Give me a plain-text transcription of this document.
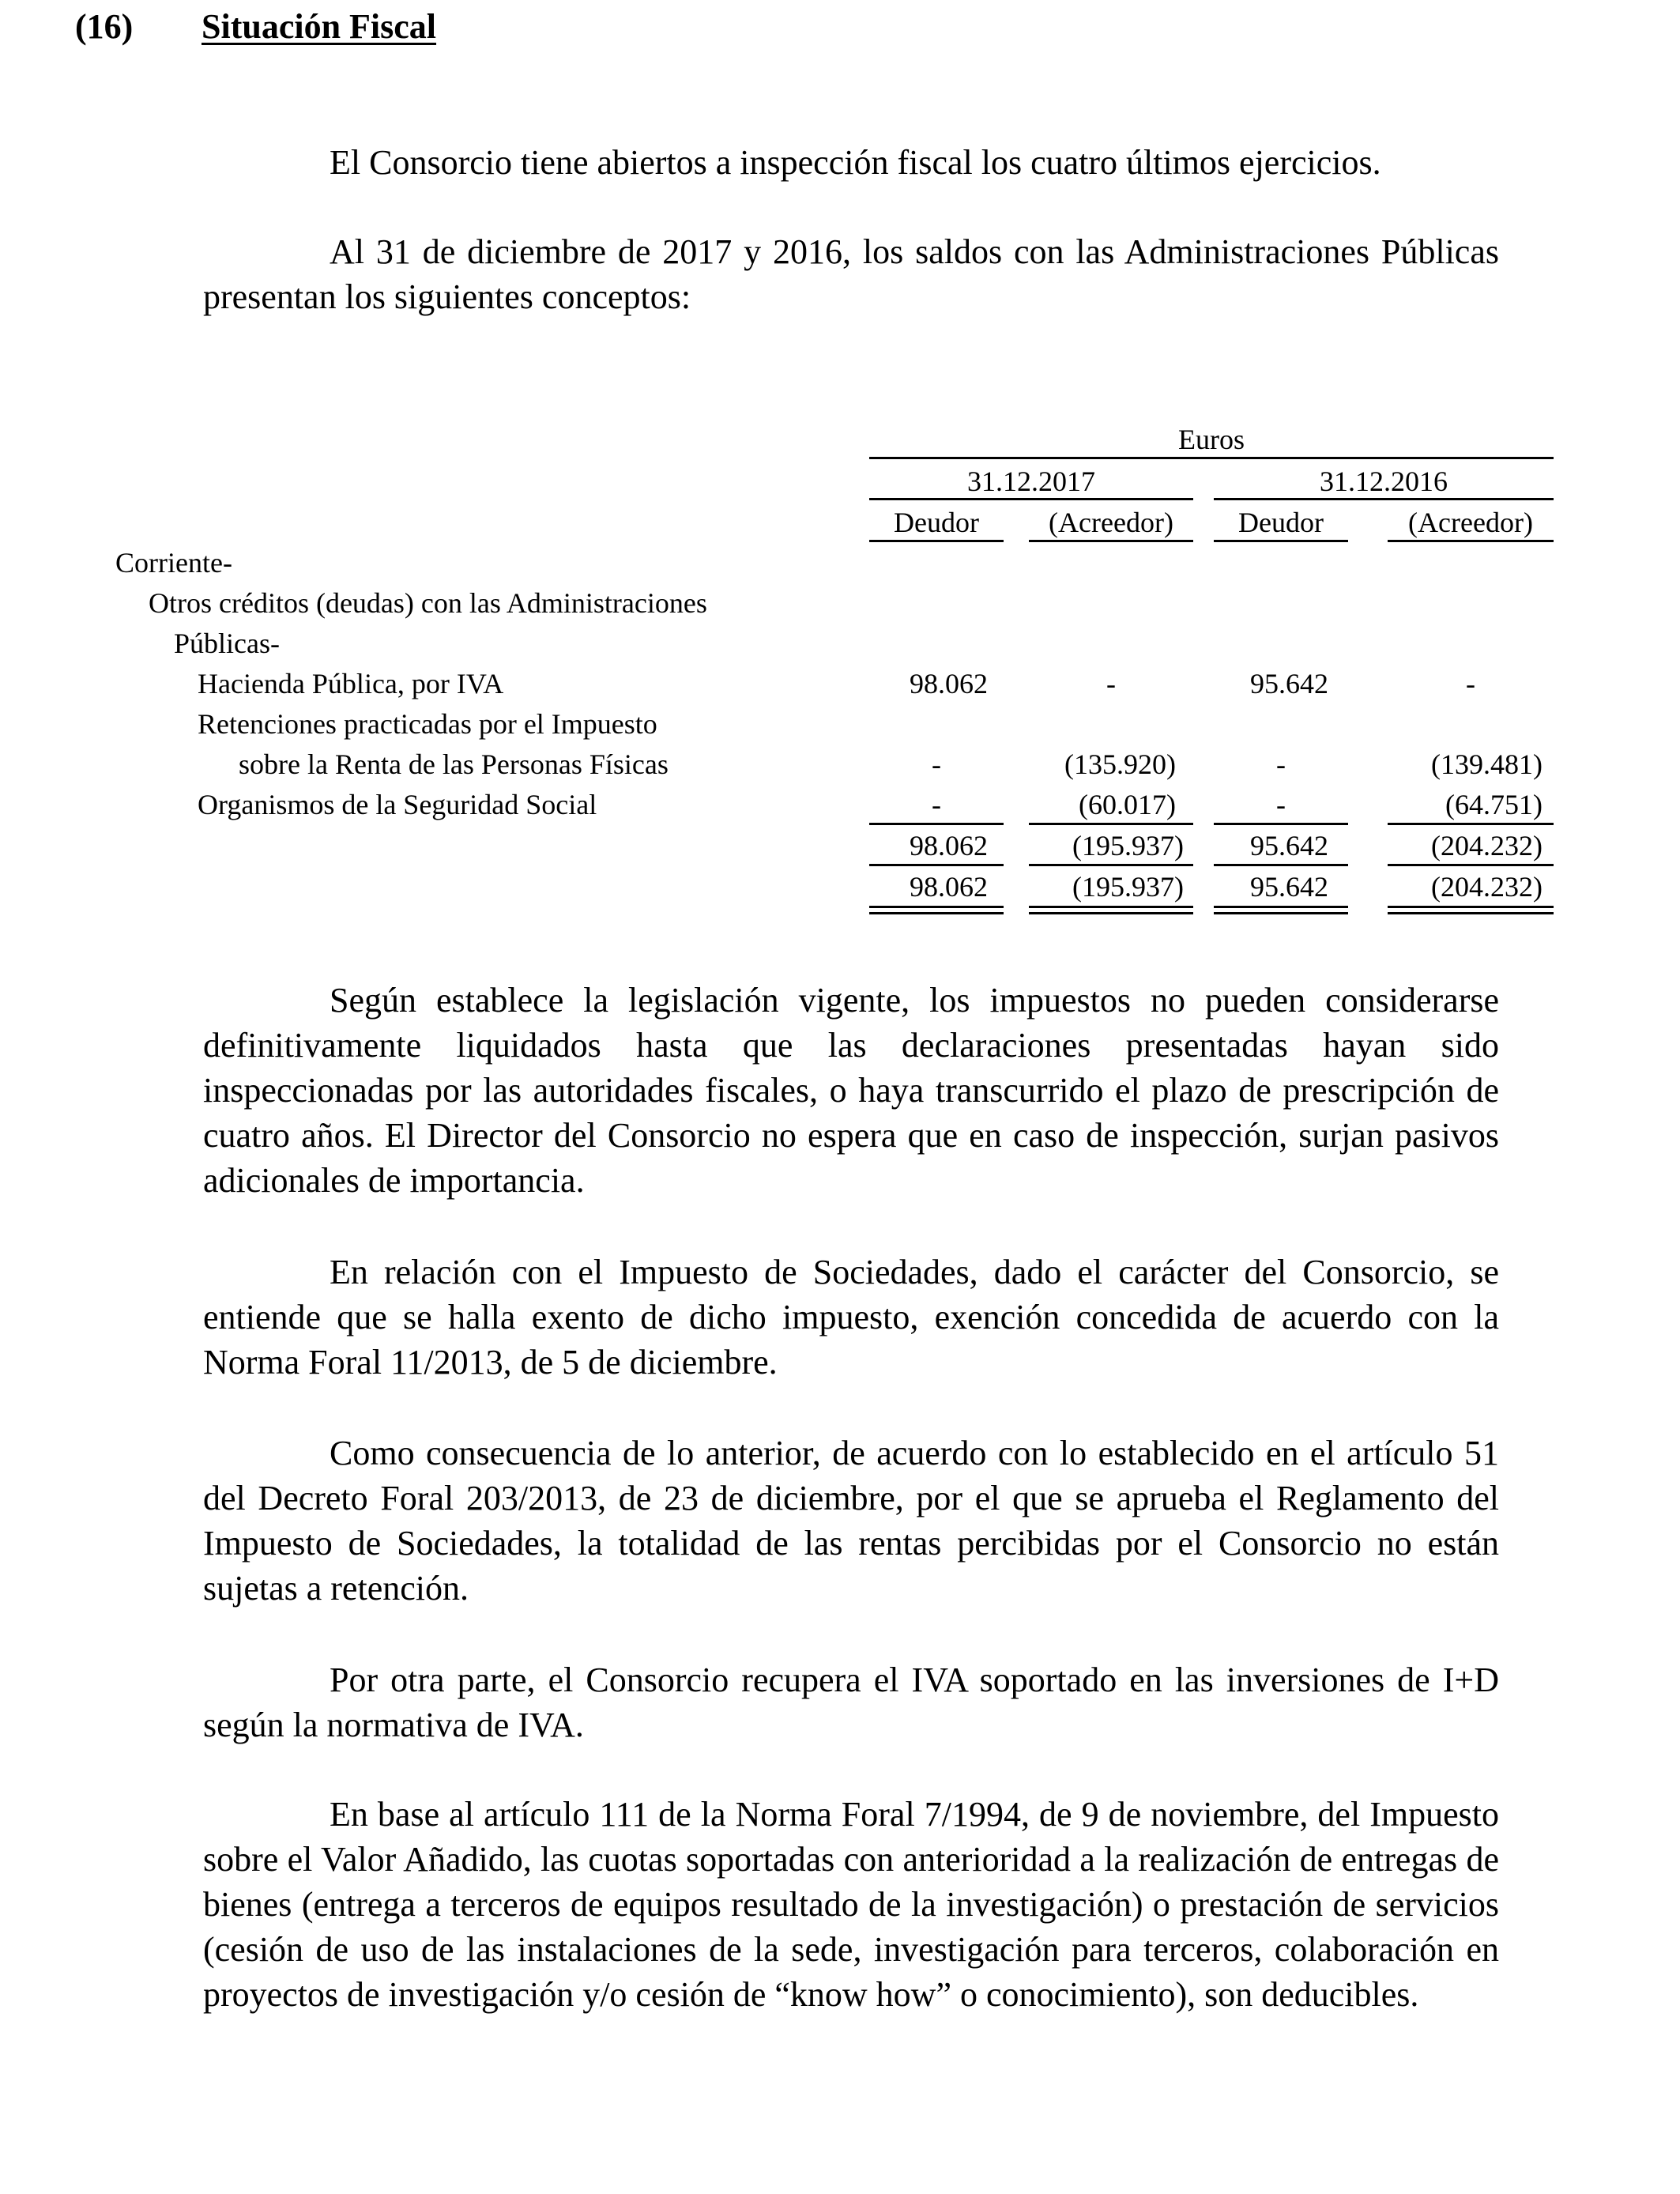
(16) Situación Fiscal

El Consorcio tiene abiertos a inspección fiscal los cuatro últimos ejercicios.

Al 31 de diciembre de 2017 y 2016, los saldos con las Administraciones Públicas presentan los siguientes conceptos:

Euros
31.12.2017	31.12.2016
Deudor	(Acreedor)	Deudor	(Acreedor)
Corriente-
Otros créditos (deudas) con las Administraciones
Públicas-
Hacienda Pública, por IVA	98.062	-	95.642	-
Retenciones practicadas por el Impuesto
sobre la Renta de las Personas Físicas	-	(135.920)	-	(139.481)
Organismos de la Seguridad Social	-	(60.017)	-	(64.751)
98.062	(195.937)	95.642	(204.232)
98.062	(195.937)	95.642	(204.232)

Según establece la legislación vigente, los impuestos no pueden considerarse definitivamente liquidados hasta que las declaraciones presentadas hayan sido inspeccionadas por las autoridades fiscales, o haya transcurrido el plazo de prescripción de cuatro años. El Director del Consorcio no espera que en caso de inspección, surjan pasivos adicionales de importancia.

En relación con el Impuesto de Sociedades, dado el carácter del Consorcio, se entiende que se halla exento de dicho impuesto, exención concedida de acuerdo con la Norma Foral 11/2013, de 5 de diciembre.

Como consecuencia de lo anterior, de acuerdo con lo establecido en el artículo 51 del Decreto Foral 203/2013, de 23 de diciembre, por el que se aprueba el Reglamento del Impuesto de Sociedades, la totalidad de las rentas percibidas por el Consorcio no están sujetas a retención.

Por otra parte, el Consorcio recupera el IVA soportado en las inversiones de I+D según la normativa de IVA.

En base al artículo 111 de la Norma Foral 7/1994, de 9 de noviembre, del Impuesto sobre el Valor Añadido, las cuotas soportadas con anterioridad a la realización de entregas de bienes (entrega a terceros de equipos resultado de la investigación) o prestación de servicios (cesión de uso de las instalaciones de la sede, investigación para terceros, colaboración en proyectos de investigación y/o cesión de “know how” o conocimiento), son deducibles.
